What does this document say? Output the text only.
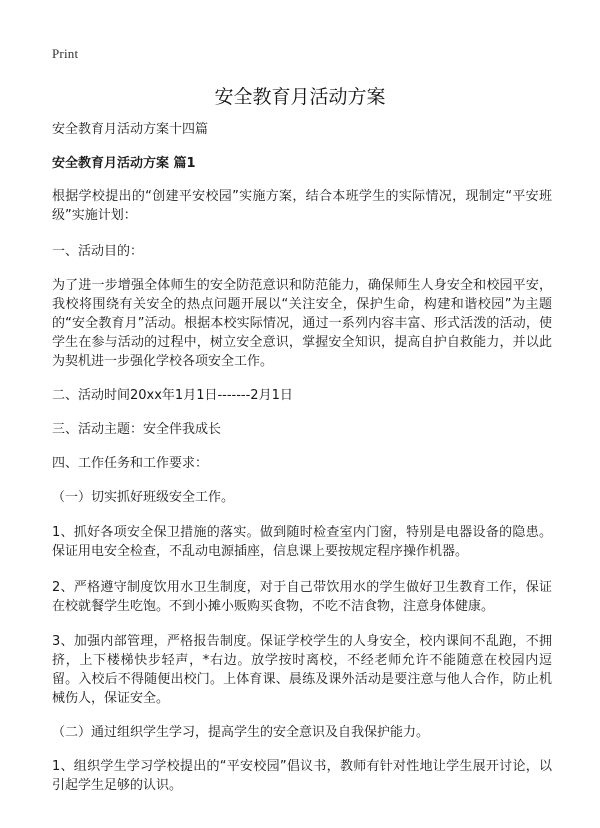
Print
安全教育月活动方案

安全教育月活动方案十四篇

安全教育月活动方案 篇1

根据学校提出的“创建平安校园”实施方案，结合本班学生的实际情况，现制定“平安班级”实施计划：

一、活动目的：

为了进一步增强全体师生的安全防范意识和防范能力，确保师生人身安全和校园平安，我校将围绕有关安全的热点问题开展以“关注安全，保护生命，构建和谐校园”为主题的“安全教育月”活动。根据本校实际情况，通过一系列内容丰富、形式活泼的活动，使学生在参与活动的过程中，树立安全意识，掌握安全知识，提高自护自救能力，并以此为契机进一步强化学校各项安全工作。

二、活动时间20xx年1月1日-------2月1日

三、活动主题：安全伴我成长

四、工作任务和工作要求：

（一）切实抓好班级安全工作。

1、抓好各项安全保卫措施的落实。做到随时检查室内门窗，特别是电器设备的隐患。保证用电安全检查，不乱动电源插座，信息课上要按规定程序操作机器。

2、严格遵守制度饮用水卫生制度，对于自己带饮用水的学生做好卫生教育工作，保证在校就餐学生吃饱。不到小摊小贩购买食物，不吃不洁食物，注意身体健康。

3、加强内部管理，严格报告制度。保证学校学生的人身安全，校内课间不乱跑，不拥挤，上下楼梯快步轻声，*右边。放学按时离校，不经老师允许不能随意在校园内逗留。入校后不得随便出校门。上体育课、晨练及课外活动是要注意与他人合作，防止机械伤人，保证安全。

（二）通过组织学生学习，提高学生的安全意识及自我保护能力。

1、组织学生学习学校提出的“平安校园”倡议书，教师有针对性地让学生展开讨论，以引起学生足够的认识。
